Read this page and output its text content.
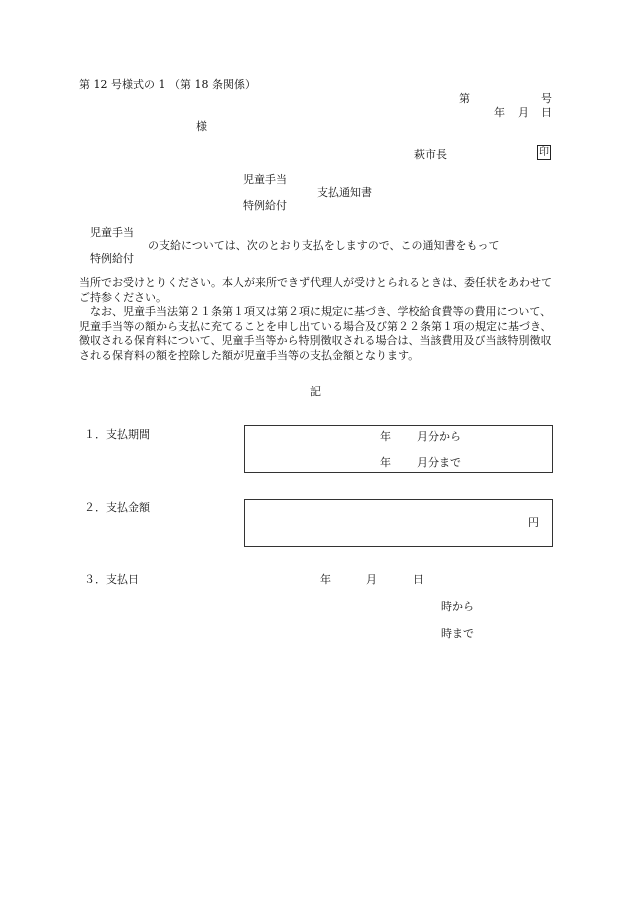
第 12 号様式の 1 （第 18 条関係）
第	号
年 月 日
様
萩市長	印
児童手当
支払通知書
特例給付
児童手当
の支給については、次のとおり支払をしますので、この通知書をもって
特例給付

当所でお受けとりください。本人が来所できず代理人が受けとられるときは、委任状をあわせてご持参ください。

なお、児童手当法第２１条第１項又は第２項に規定に基づき、学校給食費等の費用について、児童手当等の額から支払に充てることを申し出ている場合及び第２２条第１項の規定に基づき、徴収される保育料について、児童手当等から特別徴収される場合は、当該費用及び当該特別徴収される保育料の額を控除した額が児童手当等の支払金額となります。

記
１．支払期間	年 月分から
年 月分まで
２．支払金額
円
３．支払日	年	月	日
時から
時まで
